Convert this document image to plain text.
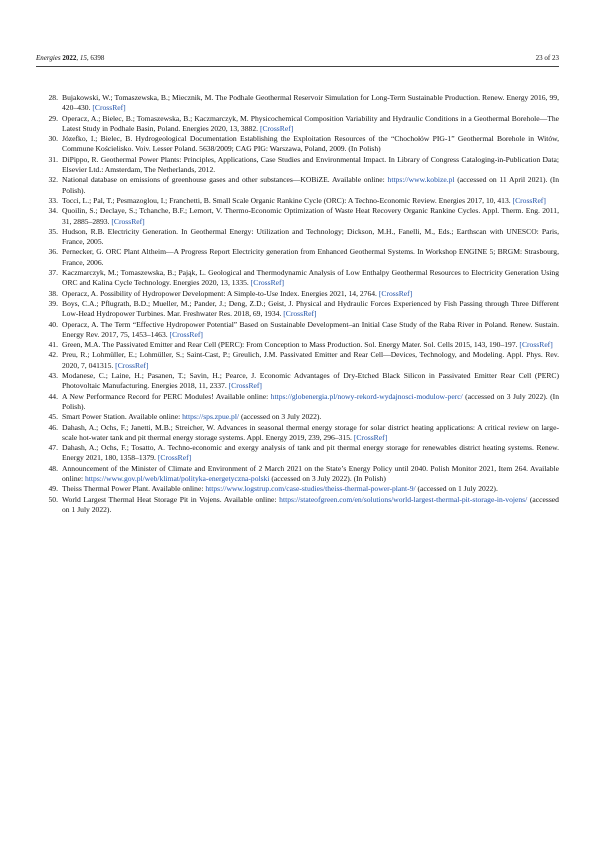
Energies 2022, 15, 6398	23 of 23
28. Bujakowski, W.; Tomaszewska, B.; Miecznik, M. The Podhale Geothermal Reservoir Simulation for Long-Term Sustainable Production. Renew. Energy 2016, 99, 420–430. [CrossRef]
29. Operacz, A.; Bielec, B.; Tomaszewska, B.; Kaczmarczyk, M. Physicochemical Composition Variability and Hydraulic Conditions in a Geothermal Borehole—The Latest Study in Podhale Basin, Poland. Energies 2020, 13, 3882. [CrossRef]
30. Józefko, I.; Bielec, B. Hydrogeological Documentation Establishing the Exploitation Resources of the “Chochołów PIG-1” Geothermal Borehole in Witów, Commune Kościelisko. Voiv. Lesser Poland. 5638/2009; CAG PIG: Warszawa, Poland, 2009. (In Polish)
31. DiPippo, R. Geothermal Power Plants: Principles, Applications, Case Studies and Environmental Impact. In Library of Congress Cataloging-in-Publication Data; Elsevier Ltd.: Amsterdam, The Netherlands, 2012.
32. National database on emissions of greenhouse gases and other substances—KOBiZE. Available online: https://www.kobize.pl (accessed on 11 April 2021). (In Polish).
33. Tocci, L.; Pal, T.; Pesmazoglou, I.; Franchetti, B. Small Scale Organic Rankine Cycle (ORC): A Techno-Economic Review. Energies 2017, 10, 413. [CrossRef]
34. Quoilin, S.; Declaye, S.; Tchanche, B.F.; Lemort, V. Thermo-Economic Optimization of Waste Heat Recovery Organic Rankine Cycles. Appl. Therm. Eng. 2011, 31, 2885–2893. [CrossRef]
35. Hudson, R.B. Electricity Generation. In Geothermal Energy: Utilization and Technology; Dickson, M.H., Fanelli, M., Eds.; Earthscan with UNESCO: Paris, France, 2005.
36. Pernecker, G. ORC Plant Altheim—A Progress Report Electricity generation from Enhanced Geothermal Systems. In Workshop ENGINE 5; BRGM: Strasbourg, France, 2006.
37. Kaczmarczyk, M.; Tomaszewska, B.; Pająk, L. Geological and Thermodynamic Analysis of Low Enthalpy Geothermal Resources to Electricity Generation Using ORC and Kalina Cycle Technology. Energies 2020, 13, 1335. [CrossRef]
38. Operacz, A. Possibility of Hydropower Development: A Simple-to-Use Index. Energies 2021, 14, 2764. [CrossRef]
39. Boys, C.A.; Pflugrath, B.D.; Mueller, M.; Pander, J.; Deng, Z.D.; Geist, J. Physical and Hydraulic Forces Experienced by Fish Passing through Three Different Low-Head Hydropower Turbines. Mar. Freshwater Res. 2018, 69, 1934. [CrossRef]
40. Operacz, A. The Term “Effective Hydropower Potential” Based on Sustainable Development–an Initial Case Study of the Raba River in Poland. Renew. Sustain. Energy Rev. 2017, 75, 1453–1463. [CrossRef]
41. Green, M.A. The Passivated Emitter and Rear Cell (PERC): From Conception to Mass Production. Sol. Energy Mater. Sol. Cells 2015, 143, 190–197. [CrossRef]
42. Preu, R.; Lohmüller, E.; Lohmüller, S.; Saint-Cast, P.; Greulich, J.M. Passivated Emitter and Rear Cell—Devices, Technology, and Modeling. Appl. Phys. Rev. 2020, 7, 041315. [CrossRef]
43. Modanese, C.; Laine, H.; Pasanen, T.; Savin, H.; Pearce, J. Economic Advantages of Dry-Etched Black Silicon in Passivated Emitter Rear Cell (PERC) Photovoltaic Manufacturing. Energies 2018, 11, 2337. [CrossRef]
44. A New Performance Record for PERC Modules! Available online: https://globenergia.pl/nowy-rekord-wydajnosci-modulow-perc/ (accessed on 3 July 2022). (In Polish).
45. Smart Power Station. Available online: https://sps.zpue.pl/ (accessed on 3 July 2022).
46. Dahash, A.; Ochs, F.; Janetti, M.B.; Streicher, W. Advances in seasonal thermal energy storage for solar district heating applications: A critical review on large-scale hot-water tank and pit thermal energy storage systems. Appl. Energy 2019, 239, 296–315. [CrossRef]
47. Dahash, A.; Ochs, F.; Tosatto, A. Techno-economic and exergy analysis of tank and pit thermal energy storage for renewables district heating systems. Renew. Energy 2021, 180, 1358–1379. [CrossRef]
48. Announcement of the Minister of Climate and Environment of 2 March 2021 on the State’s Energy Policy until 2040. Polish Monitor 2021, Item 264. Available online: https://www.gov.pl/web/klimat/polityka-energetyczna-polski (accessed on 3 July 2022). (In Polish)
49. Theiss Thermal Power Plant. Available online: https://www.logstrup.com/case-studies/theiss-thermal-power-plant-9/ (accessed on 1 July 2022).
50. World Largest Thermal Heat Storage Pit in Vojens. Available online: https://stateofgreen.com/en/solutions/world-largest-thermal-pit-storage-in-vojens/ (accessed on 1 July 2022).
